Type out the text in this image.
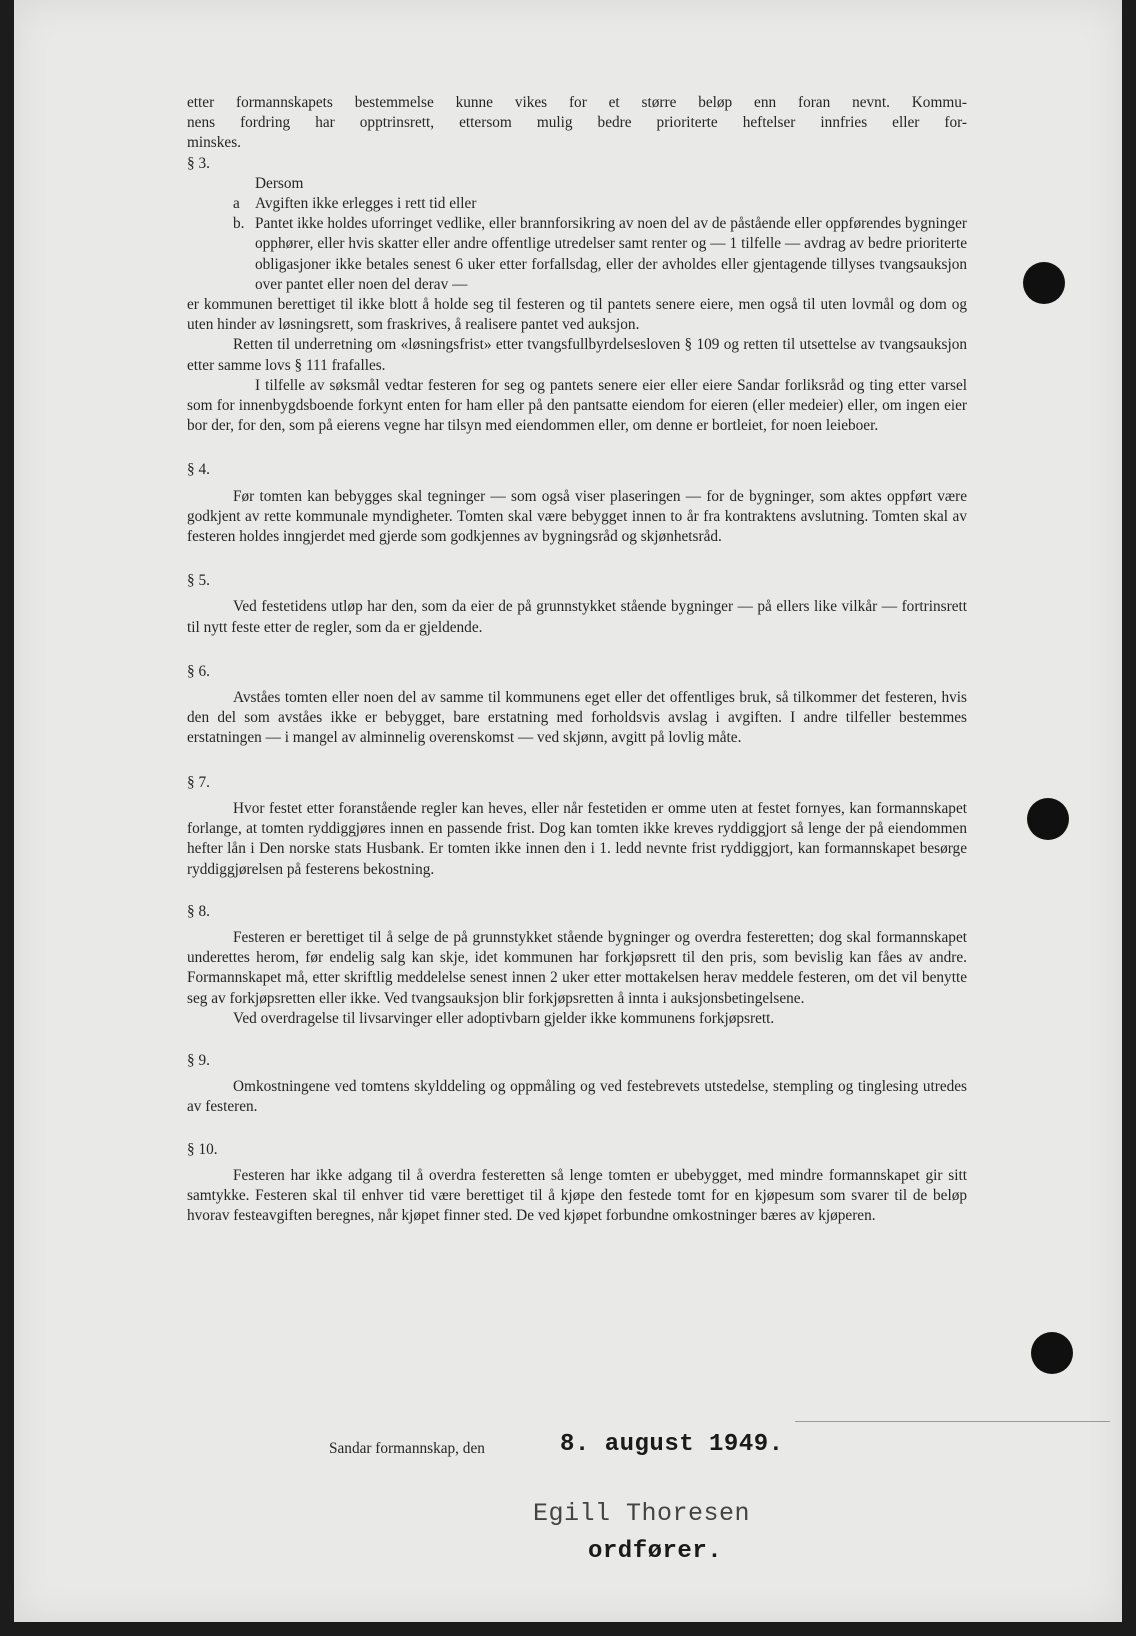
etter formannskapets bestemmelse kunne vikes for et større beløp enn foran nevnt. Kommu-

nens fordring har opptrinsrett, ettersom mulig bedre prioriterte heftelser innfries eller for-

minskes.

§ 3.

Dersom

a Avgiften ikke erlegges i rett tid eller
b. Pantet ikke holdes uforringet vedlike, eller brannforsikring av noen del av de påstående eller oppførendes bygninger opphører, eller hvis skatter eller andre offentlige utredelser samt renter og — 1 tilfelle — avdrag av bedre prioriterte obligasjoner ikke betales senest 6 uker etter forfallsdag, eller der avholdes eller gjentagende tillyses tvangsauksjon over pantet eller noen del derav —

er kommunen berettiget til ikke blott å holde seg til festeren og til pantets senere eiere, men også til uten lovmål og dom og uten hinder av løsningsrett, som fraskrives, å realisere pantet ved auksjon.

Retten til underretning om «løsningsfrist» etter tvangsfullbyrdelsesloven § 109 og retten til utsettelse av tvangsauksjon etter samme lovs § 111 frafalles.

I tilfelle av søksmål vedtar festeren for seg og pantets senere eier eller eiere Sandar forliksråd og ting etter varsel som for innenbygdsboende forkynt enten for ham eller på den pantsatte eiendom for eieren (eller medeier) eller, om ingen eier bor der, for den, som på eierens vegne har tilsyn med eiendommen eller, om denne er bortleiet, for noen leieboer.

§ 4.

Før tomten kan bebygges skal tegninger — som også viser plaseringen — for de bygninger, som aktes oppført være godkjent av rette kommunale myndigheter. Tomten skal være bebygget innen to år fra kontraktens avslutning. Tomten skal av festeren holdes inngjerdet med gjerde som godkjennes av bygningsråd og skjønhetsråd.

§ 5.

Ved festetidens utløp har den, som da eier de på grunnstykket stående bygninger — på ellers like vilkår — fortrinsrett til nytt feste etter de regler, som da er gjeldende.

§ 6.

Avståes tomten eller noen del av samme til kommunens eget eller det offentliges bruk, så tilkommer det festeren, hvis den del som avståes ikke er bebygget, bare erstatning med forholdsvis avslag i avgiften. I andre tilfeller bestemmes erstatningen — i mangel av alminnelig overenskomst — ved skjønn, avgitt på lovlig måte.

§ 7.

Hvor festet etter foranstående regler kan heves, eller når festetiden er omme uten at festet fornyes, kan formannskapet forlange, at tomten ryddiggjøres innen en passende frist. Dog kan tomten ikke kreves ryddiggjort så lenge der på eiendommen hefter lån i Den norske stats Husbank. Er tomten ikke innen den i 1. ledd nevnte frist ryddiggjort, kan formannskapet besørge ryddiggjørelsen på festerens bekostning.

§ 8.

Festeren er berettiget til å selge de på grunnstykket stående bygninger og overdra festeretten; dog skal formannskapet underettes herom, før endelig salg kan skje, idet kommunen har forkjøpsrett til den pris, som bevislig kan fåes av andre. Formannskapet må, etter skriftlig meddelelse senest innen 2 uker etter mottakelsen herav meddele festeren, om det vil benytte seg av forkjøpsretten eller ikke. Ved tvangsauksjon blir forkjøpsretten å innta i auksjonsbetingelsene.

Ved overdragelse til livsarvinger eller adoptivbarn gjelder ikke kommunens forkjøpsrett.

§ 9.

Omkostningene ved tomtens skylddeling og oppmåling og ved festebrevets utstedelse, stempling og tinglesing utredes av festeren.

§ 10.

Festeren har ikke adgang til å overdra festeretten så lenge tomten er ubebygget, med mindre formannskapet gir sitt samtykke. Festeren skal til enhver tid være berettiget til å kjøpe den festede tomt for en kjøpesum som svarer til de beløp hvorav festeavgiften beregnes, når kjøpet finner sted. De ved kjøpet forbundne omkostninger bæres av kjøperen.

Sandar formannskap, den	8. august 1949.
Egill Thoresen
ordfører.
